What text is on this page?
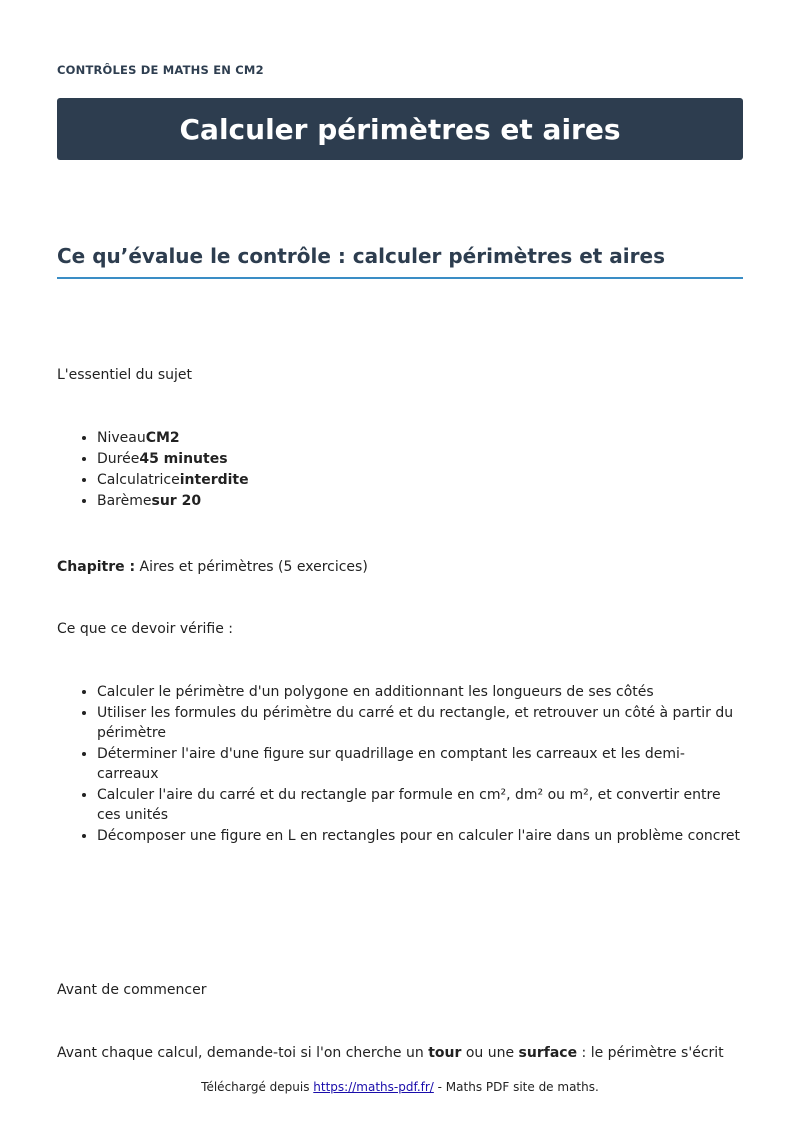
CONTRÔLES DE MATHS EN CM2
Calculer périmètres et aires
Ce qu’évalue le contrôle : calculer périmètres et aires

L'essentiel du sujet

• NiveauCM2
• Durée45 minutes
• Calculatriceinterdite
• Barèmesur 20

Chapitre : Aires et périmètres (5 exercices)

Ce que ce devoir vérifie :

• Calculer le périmètre d'un polygone en additionnant les longueurs de ses côtés
• Utiliser les formules du périmètre du carré et du rectangle, et retrouver un côté à partir du périmètre
• Déterminer l'aire d'une figure sur quadrillage en comptant les carreaux et les demi-carreaux
• Calculer l'aire du carré et du rectangle par formule en cm², dm² ou m², et convertir entre ces unités
• Décomposer une figure en L en rectangles pour en calculer l'aire dans un problème concret

Avant de commencer

Avant chaque calcul, demande-toi si l'on cherche un tour ou une surface : le périmètre s'écrit

Téléchargé depuis https://maths-pdf.fr/ - Maths PDF site de maths.
